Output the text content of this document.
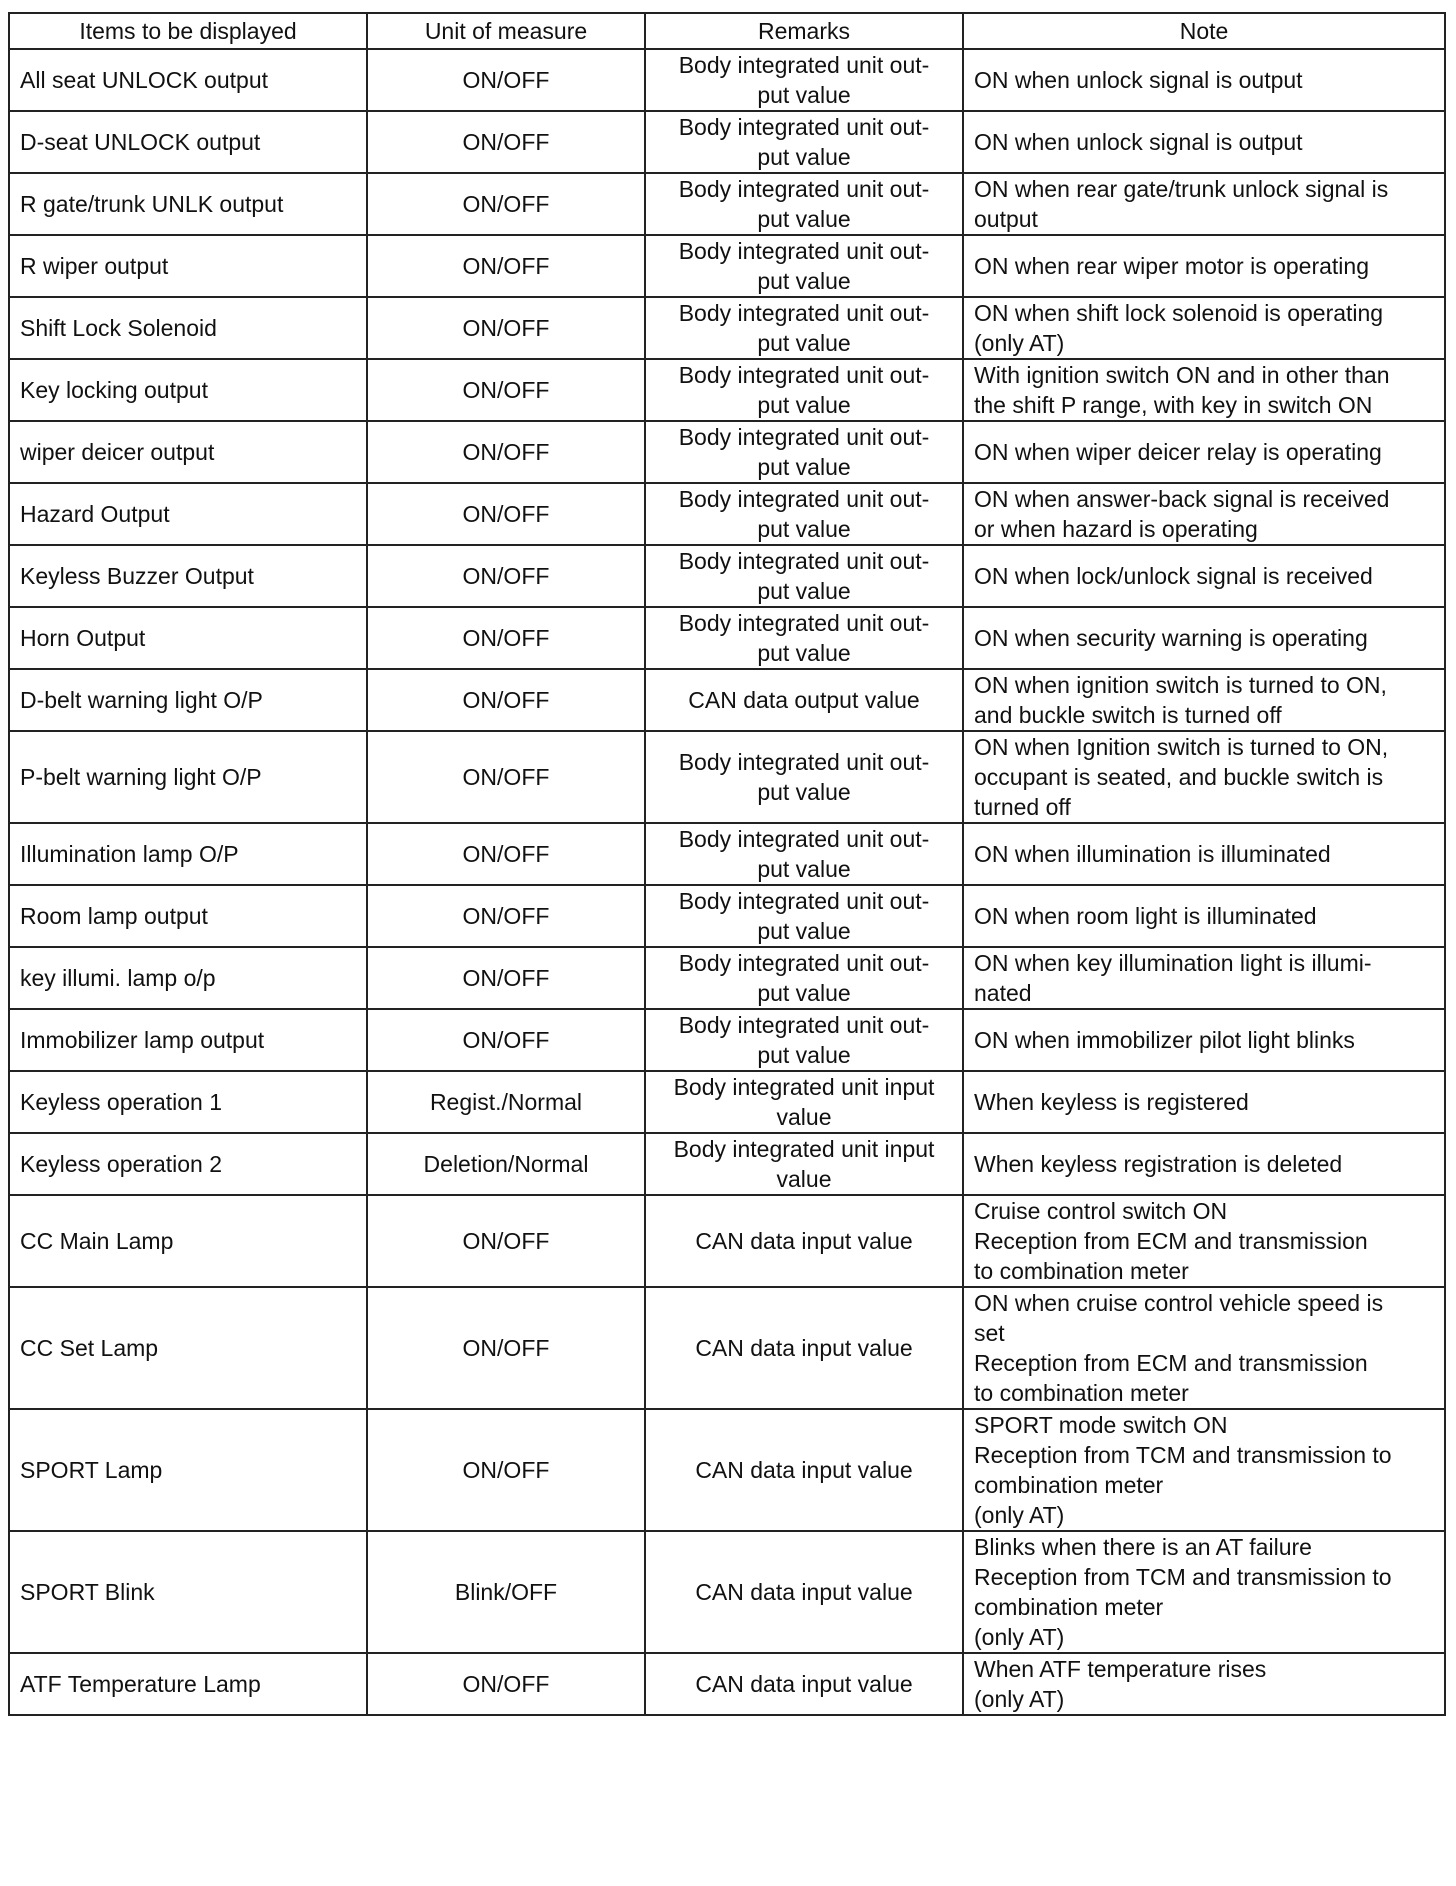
Items to be displayed	Unit of measure	Remarks	Note
All seat UNLOCK output	ON/OFF	Body integrated unit out-
put value	ON when unlock signal is output

D-seat UNLOCK output	ON/OFF	Body integrated unit out-
put value	ON when unlock signal is output

R gate/trunk UNLK output	ON/OFF	Body integrated unit out-
put value	ON when rear gate/trunk unlock signal is
output

R wiper output	ON/OFF	Body integrated unit out-
put value	ON when rear wiper motor is operating

Shift Lock Solenoid	ON/OFF	Body integrated unit out-
put value	ON when shift lock solenoid is operating
(only AT)

Key locking output	ON/OFF	Body integrated unit out-
put value	With ignition switch ON and in other than
the shift P range, with key in switch ON

wiper deicer output	ON/OFF	Body integrated unit out-
put value	ON when wiper deicer relay is operating

Hazard Output	ON/OFF	Body integrated unit out-
put value	ON when answer-back signal is received
or when hazard is operating

Keyless Buzzer Output	ON/OFF	Body integrated unit out-
put value	ON when lock/unlock signal is received

Horn Output	ON/OFF	Body integrated unit out-
put value	ON when security warning is operating

D-belt warning light O/P	ON/OFF	CAN data output value	ON when ignition switch is turned to ON,
and buckle switch is turned off

P-belt warning light O/P	ON/OFF	Body integrated unit out-
put value	ON when Ignition switch is turned to ON,
occupant is seated, and buckle switch is
turned off

Illumination lamp O/P	ON/OFF	Body integrated unit out-
put value	ON when illumination is illuminated

Room lamp output	ON/OFF	Body integrated unit out-
put value	ON when room light is illuminated

key illumi. lamp o/p	ON/OFF	Body integrated unit out-
put value	ON when key illumination light is illumi-
nated

Immobilizer lamp output	ON/OFF	Body integrated unit out-
put value	ON when immobilizer pilot light blinks

Keyless operation 1	Regist./Normal	Body integrated unit input
value	When keyless is registered

Keyless operation 2	Deletion/Normal	Body integrated unit input
value	When keyless registration is deleted

CC Main Lamp	ON/OFF	CAN data input value	Cruise control switch ON
Reception from ECM and transmission
to combination meter

CC Set Lamp	ON/OFF	CAN data input value	ON when cruise control vehicle speed is
set
Reception from ECM and transmission
to combination meter

SPORT Lamp	ON/OFF	CAN data input value	SPORT mode switch ON
Reception from TCM and transmission to
combination meter
(only AT)

SPORT Blink	Blink/OFF	CAN data input value	Blinks when there is an AT failure
Reception from TCM and transmission to
combination meter
(only AT)

ATF Temperature Lamp	ON/OFF	CAN data input value	When ATF temperature rises
(only AT)
